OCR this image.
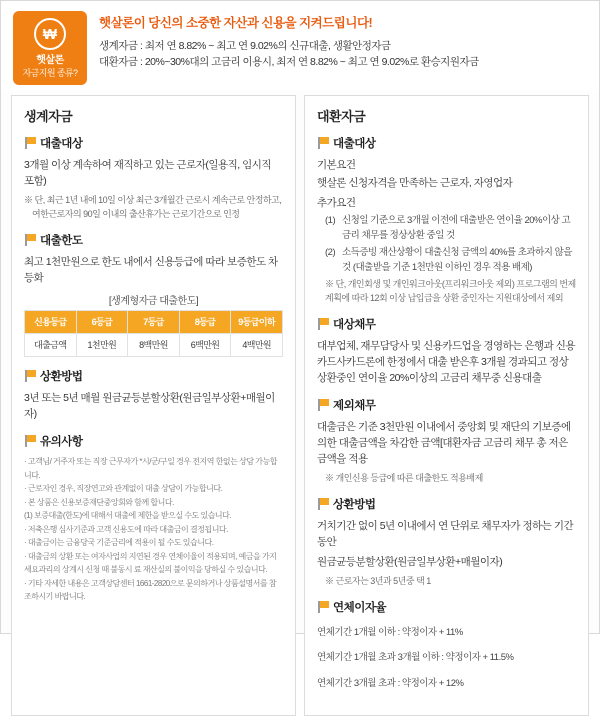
₩
햇살론
자금지원 종류?
햇살론이 당신의 소중한 자산과 신용을 지켜드립니다!
생계자금 : 최저 연 8.82% ~ 최고 연 9.02%의 신규대출, 생활안정자금
대환자금 : 20%~30%대의 고금리 이용시, 최저 연 8.82% ~ 최고 연 9.02%로 환승지원자금
생계자금
대출대상

3개월 이상 계속하여 재직하고 있는 근로자(일용직, 임시직 포함)

※ 단, 최근 1년 내에 10일 이상 최근 3개월간 근로시 계속근로 안정하고,

여한근로자의 90일 이내의 출산휴가는 근로기간으로 인정

대출한도

최고 1천만원으로 한도 내에서 신용등급에 따라 보증한도 차등화

[생계형자금 대출한도]
신용등급	6등급	7등급	8등급	9등급이하
대출금액	1천만원	8백만원	6백만원	4백만원
상환방법

3년 또는 5년 매월 원금균등분할상환(원금일부상환+매월이자)

유의사항

· 고객님/ 거주자 또는 직장 근무자가 *시/군/구일 경우 전지역 한없는 상담 가능합니다.

· 근로자인 경우, 직장연고와 관계없이 대출 상담이 가능합니다.

· 본 상품은 신용보증재단중앙회와 함께 합니다.

(1) 보증대출(한도)에 대해서 대출에 제한을 받으실 수도 있습니다.

· 저축은행 심사기준과 고객 신용도에 따라 대출금이 결정됩니다.

· 대출금이는 금융당국 기준금리에 적용이 될 수도 있습니다.

· 대출금의 상환 또는 여자사업의 지연된 경우 연체이율이 적용되며, 예금을 가지세요과리의 상계시 신청 때 불동시 료 재산실의 불이익을 당하실 수 있습니다.

· 기타 자세한 내용은 고객상담센터 1661-2820으로 문의하거나 상품설명서를 참조하시기 바랍니다.

대환자금
대출대상

기본요건

햇살론 신청자격을 만족하는 근로자, 자영업자

추가요건

(1) 신청일 기준으로 3개월 이전에 대출받은 연이율 20%이상 고금리 채무를 정상상환 중일 것
(2) 소득증빙 재산상황이 대출신청 금액의 40%를 초과하지 않을 것 (대출받을 기준 1천만원 이하인 경우 적용 배제)

※ 단, 개인회생 및 개인워크아웃(프리워크아웃 제외) 프로그램의 번제계획에 따라 12회 이상 납입급을 상환 중인자는 지원대상에서 제외

대상채무

대부업체, 재무담당사 및 신용카드업을 경영하는 은행과 신용카드사카드론에 한정에서 대출 받은후 3개월 경과되고 정상상환중인 연이율 20%이상의 고금리 채무중 신용대출

제외채무

대출금은 기준 3천만원 이내에서 중앙회 및 재단의 기보증에 의한 대출금액을 차감한 금액[대환자금 고금리 채무 총 저은 금액을 적용

※ 개인신용 등급에 따른 대출한도 적용배제

상환방법

거치기간 없이 5년 이내에서 연 단위로 채무자가 정하는 기간동안

원금균등분할상환(원금일부상환+매월이자)

※ 근로자는 3년과 5년중 택 1

연체이자율

연체기간 1개월 이하 : 약정이자 + 11%

연체기간 1개월 초과 3개월 이하 : 약정이자 + 11.5%

연체기간 3개월 초과 : 약정이자 + 12%
